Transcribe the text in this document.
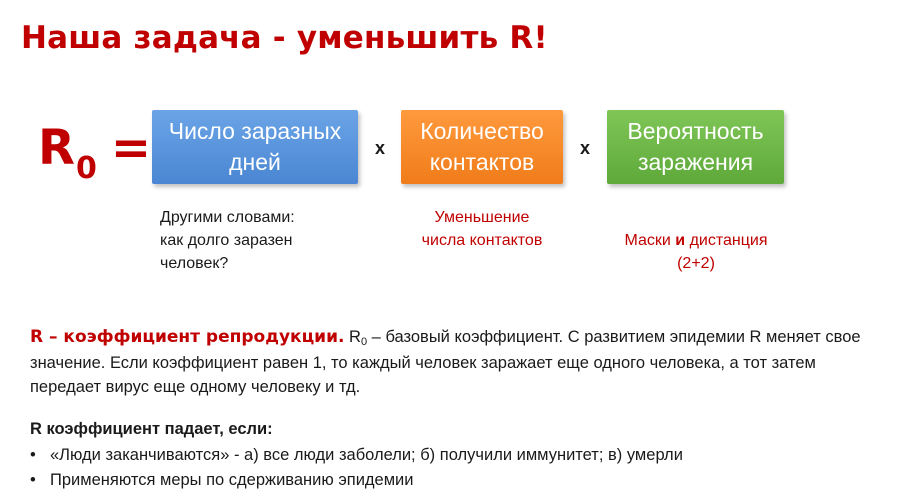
Наша задача - уменьшить R!
$R_0$ = Число заразных
дней
x
Количество
контактов
x
Вероятность
заражения
Другими словами:
как долго заразен
человек?
Уменьшение
числа контактов	Маски и дистанция
(2+2)

R – коэффициент репродукции. R0 – базовый коэффициент. С развитием эпидемии R меняет свое значение. Если коэффициент равен 1, то каждый человек заражает еще одного человека, а тот затем передает вирус еще одному человеку и тд.
R коэффициент падает, если:
• «Люди заканчиваются» - а) все люди заболели; б) получили иммунитет; в) умерли
• Применяются меры по сдерживанию эпидемии
